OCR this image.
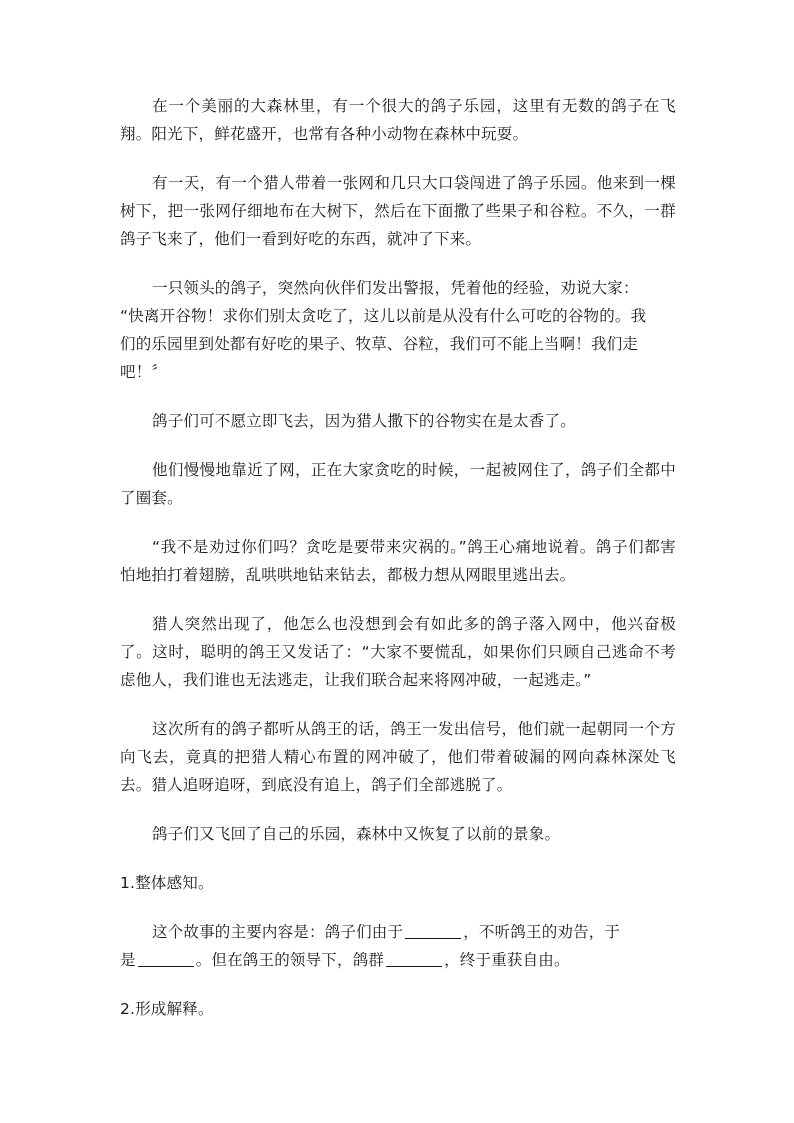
在一个美丽的大森林里，有一个很大的鸽子乐园，这里有无数的鸽子在飞翔。阳光下，鲜花盛开，也常有各种小动物在森林中玩耍。

有一天，有一个猎人带着一张网和几只大口袋闯进了鸽子乐园。他来到一棵树下，把一张网仔细地布在大树下，然后在下面撒了些果子和谷粒。不久，一群鸽子飞来了，他们一看到好吃的东西，就冲了下来。

一只领头的鸽子，突然向伙伴们发出警报，凭着他的经验，劝说大家：

“快离开谷物！求你们别太贪吃了，这儿以前是从没有什么可吃的谷物的。我

们的乐园里到处都有好吃的果子、牧草、谷粒，我们可不能上当啊！我们走

吧！〞

鸽子们可不愿立即飞去，因为猎人撒下的谷物实在是太香了。

他们慢慢地靠近了网，正在大家贪吃的时候，一起被网住了，鸽子们全都中了圈套。

“我不是劝过你们吗？贪吃是要带来灾祸的。”鸽王心痛地说着。鸽子们都害怕地拍打着翅膀，乱哄哄地钻来钻去，都极力想从网眼里逃出去。

猎人突然出现了，他怎么也没想到会有如此多的鸽子落入网中，他兴奋极了。这时，聪明的鸽王又发话了：“大家不要慌乱，如果你们只顾自己逃命不考虑他人，我们谁也无法逃走，让我们联合起来将网冲破，一起逃走。”

这次所有的鸽子都听从鸽王的话，鸽王一发出信号，他们就一起朝同一个方向飞去，竟真的把猎人精心布置的网冲破了，他们带着破漏的网向森林深处飞去。猎人追呀追呀，到底没有追上，鸽子们全部逃脱了。

鸽子们又飞回了自己的乐园，森林中又恢复了以前的景象。

1.整体感知。

这个故事的主要内容是：鸽子们由于	，不听鸽王的劝告，于

是	。但在鸽王的领导下，鸽群	，终于重获自由。

2.形成解释。
